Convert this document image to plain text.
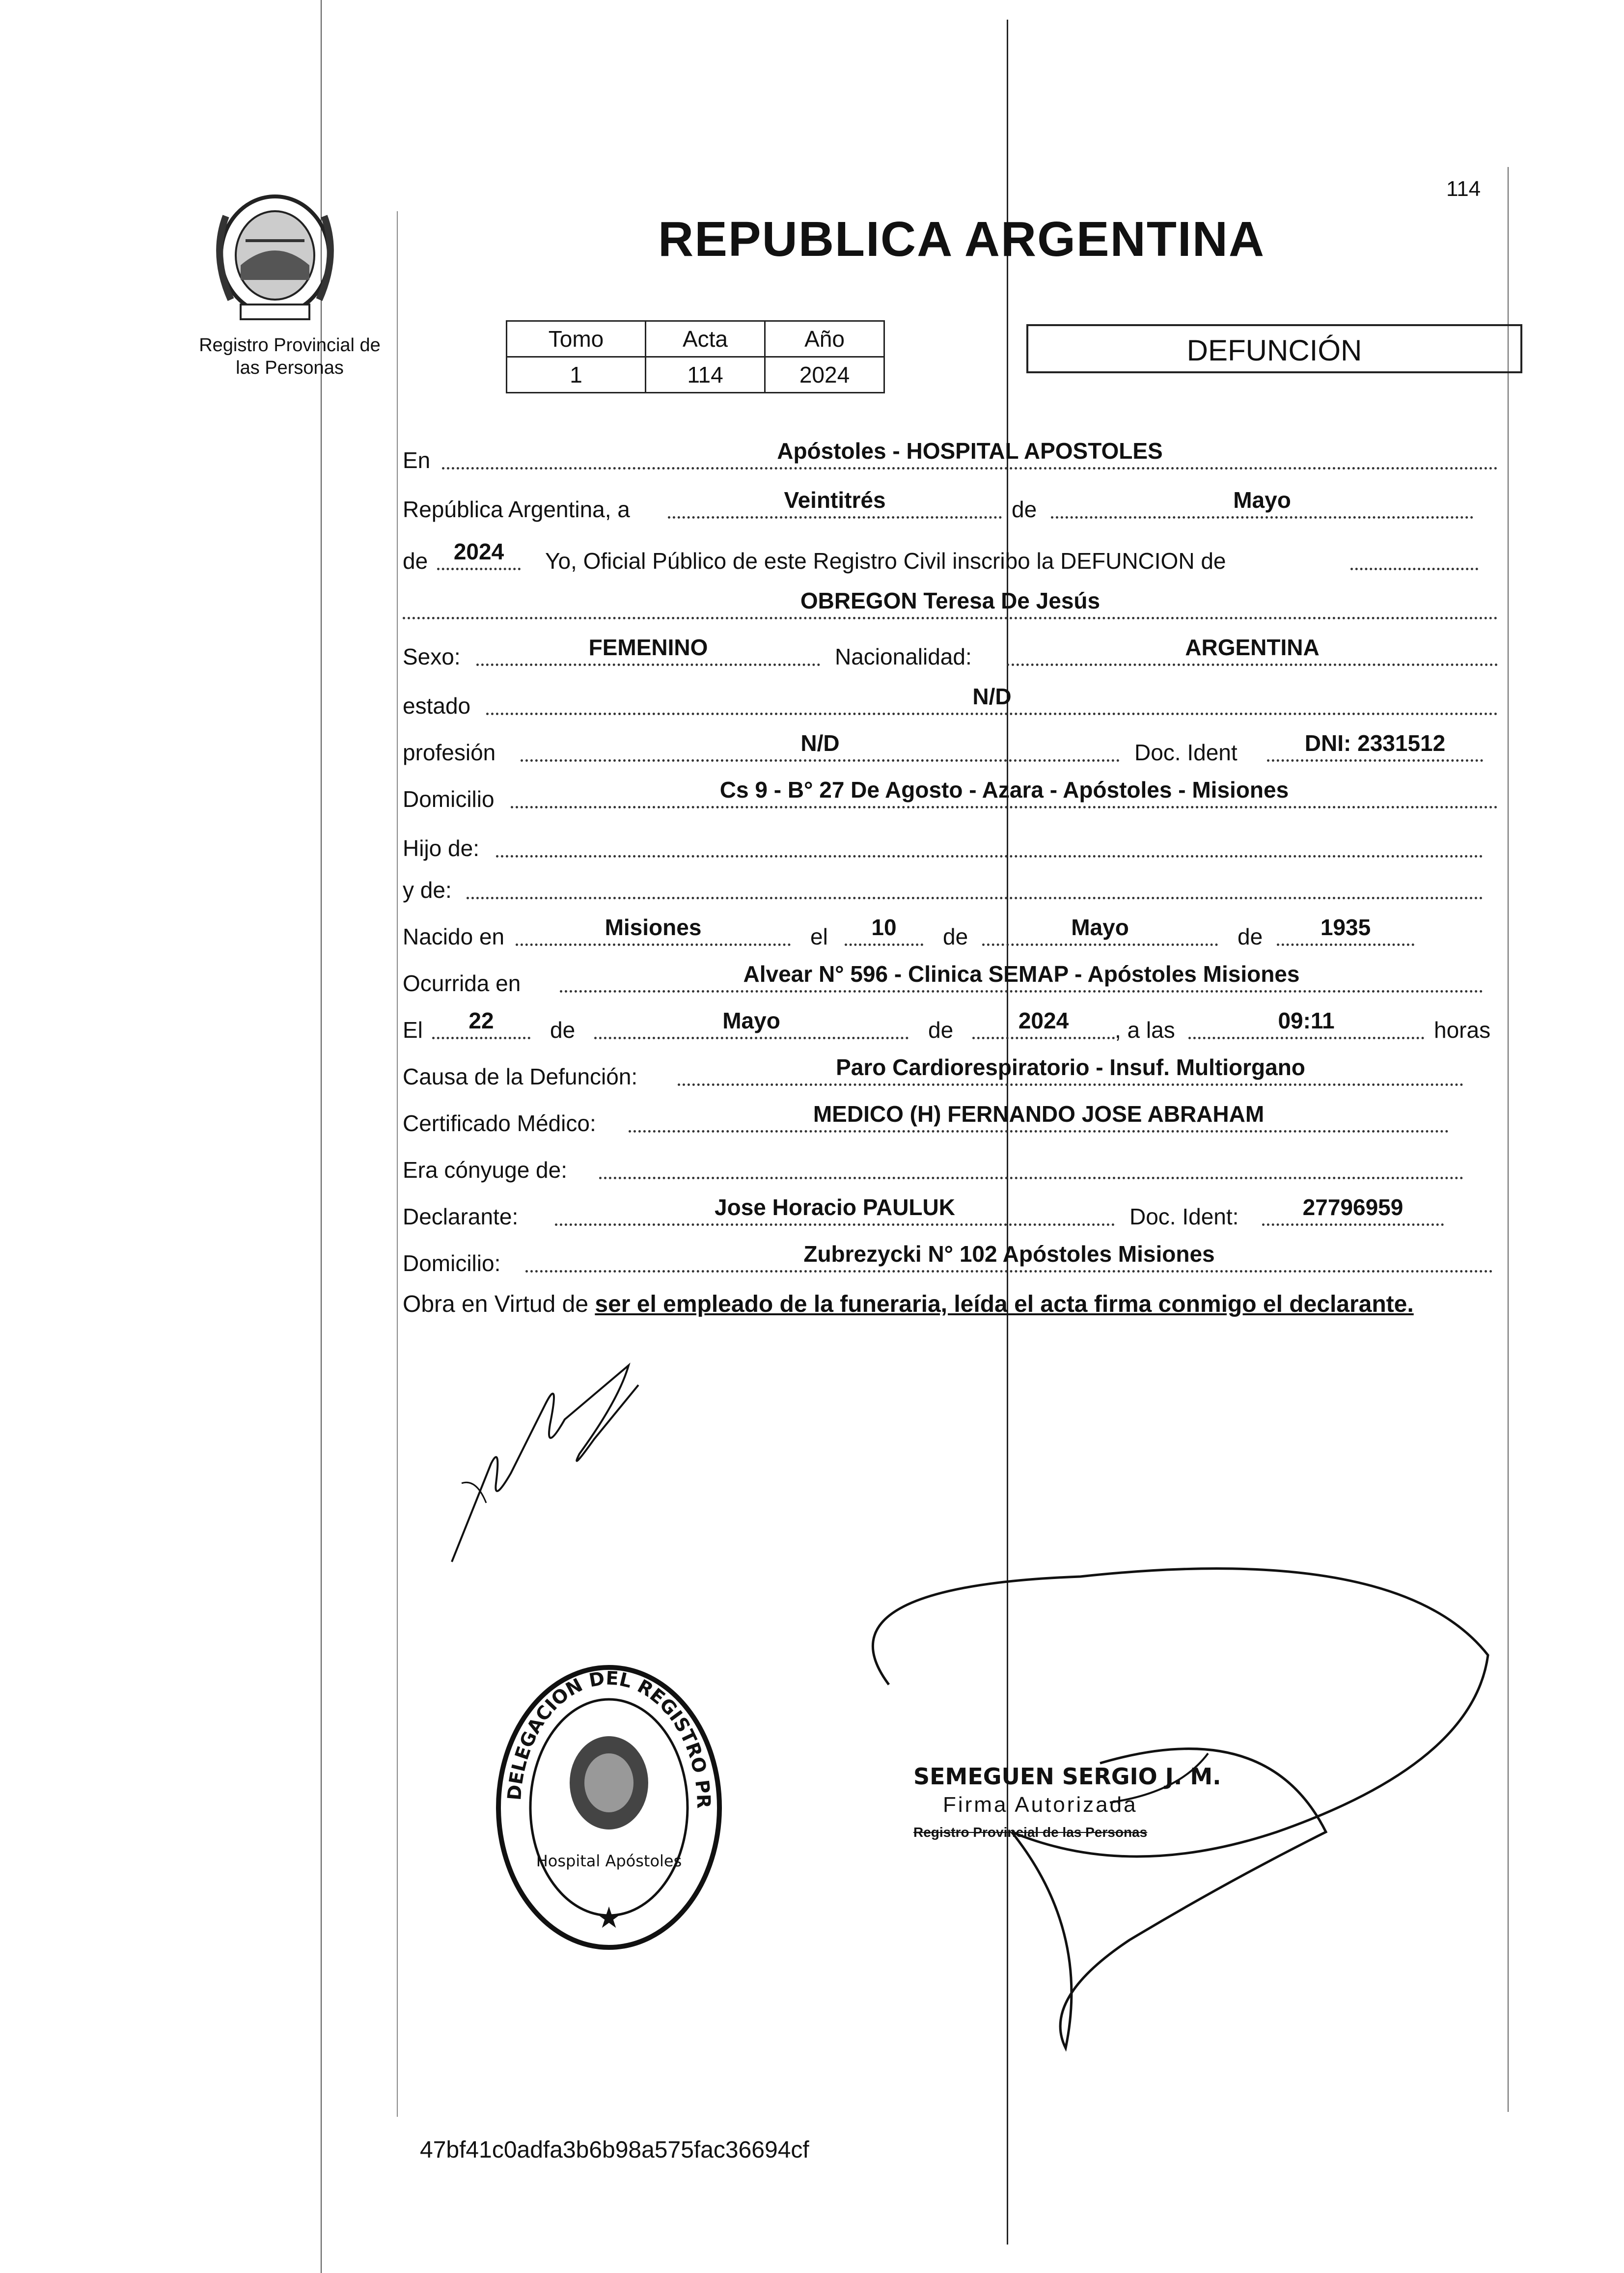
114
Registro Provincial de las Personas
REPUBLICA ARGENTINA
Tomo	Acta	Año
1	114	2024
DEFUNCIÓN
En	Apóstoles - HOSPITAL APOSTOLES
República Argentina, a	Veintitrés	de	Mayo
de	2024	Yo, Oficial Público de este Registro Civil inscribo la DEFUNCION de
OBREGON Teresa De Jesús
Sexo:	FEMENINO	Nacionalidad:	ARGENTINA
estado	N/D
profesión	N/D	Doc. Ident	DNI: 2331512
Domicilio	Cs 9 - B° 27 De Agosto - Azara - Apóstoles - Misiones
Hijo de:
y de:
Nacido en	Misiones	el	10	de	Mayo	de	1935
Ocurrida en	Alvear N° 596 - Clinica SEMAP - Apóstoles Misiones
El	22	de	Mayo	de	2024	, a las	09:11	horas
Causa de la Defunción:	Paro Cardiorespiratorio - Insuf. Multiorgano
Certificado Médico:	MEDICO (H) FERNANDO JOSE ABRAHAM
Era cónyuge de:
Declarante:	Jose Horacio PAULUK	Doc. Ident:	27796959
Domicilio:	Zubrezycki N° 102 Apóstoles Misiones
Obra en Virtud de ser el empleado de la funeraria, leída el acta firma conmigo el declarante.
DELEGACION DEL REGISTRO PR
Hospital Apóstoles
★
SEMEGUEN SERGIO J. M.
Firma Autorizada
Registro Provincial de las Personas
47bf41c0adfa3b6b98a575fac36694cf
